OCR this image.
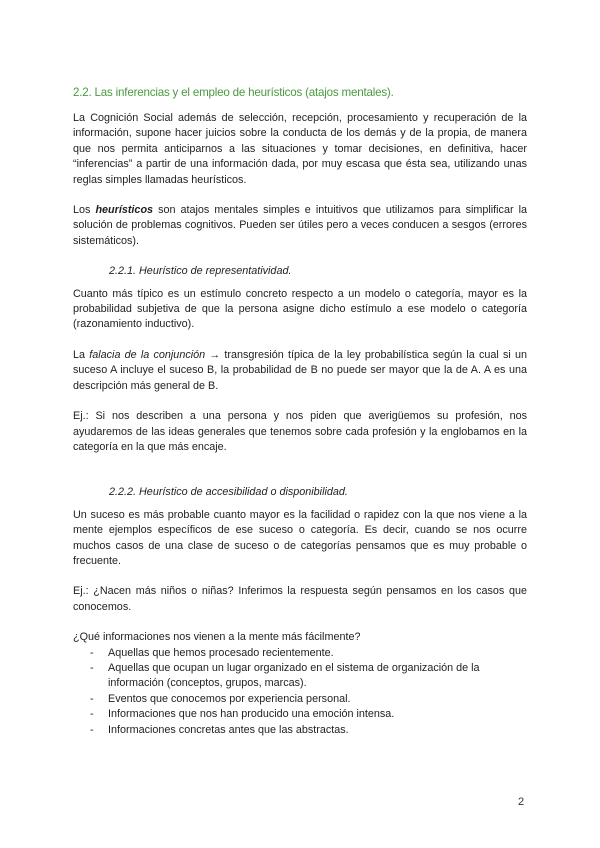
2.2. Las inferencias y el empleo de heurísticos (atajos mentales).

La Cognición Social además de selección, recepción, procesamiento y recuperación de la información, supone hacer juicios sobre la conducta de los demás y de la propia, de manera que nos permita anticiparnos a las situaciones y tomar decisiones, en definitiva, hacer “inferencias” a partir de una información dada, por muy escasa que ésta sea, utilizando unas reglas simples llamadas heurísticos.

Los heurísticos son atajos mentales simples e intuitivos que utilizamos para simplificar la solución de problemas cognitivos. Pueden ser útiles pero a veces conducen a sesgos (errores sistemáticos).

2.2.1. Heurístico de representatividad.

Cuanto más típico es un estímulo concreto respecto a un modelo o categoría, mayor es la probabilidad subjetiva de que la persona asigne dicho estímulo a ese modelo o categoría (razonamiento inductivo).

La falacia de la conjunción → transgresión típica de la ley probabilística según la cual si un suceso A incluye el suceso B, la probabilidad de B no puede ser mayor que la de A. A es una descripción más general de B.

Ej.: Si nos describen a una persona y nos piden que averigüemos su profesión, nos ayudaremos de las ideas generales que tenemos sobre cada profesión y la englobamos en la categoría en la que más encaje.

2.2.2. Heurístico de accesibilidad o disponibilidad.

Un suceso es más probable cuanto mayor es la facilidad o rapidez con la que nos viene a la mente ejemplos específicos de ese suceso o categoría. Es decir, cuando se nos ocurre muchos casos de una clase de suceso o de categorías pensamos que es muy probable o frecuente.

Ej.: ¿Nacen más niños o niñas? Inferimos la respuesta según pensamos en los casos que conocemos.

¿Qué informaciones nos vienen a la mente más fácilmente?

- Aquellas que hemos procesado recientemente.
- Aquellas que ocupan un lugar organizado en el sistema de organización de la información (conceptos, grupos, marcas).
- Eventos que conocemos por experiencia personal.
- Informaciones que nos han producido una emoción intensa.
- Informaciones concretas antes que las abstractas.
2
